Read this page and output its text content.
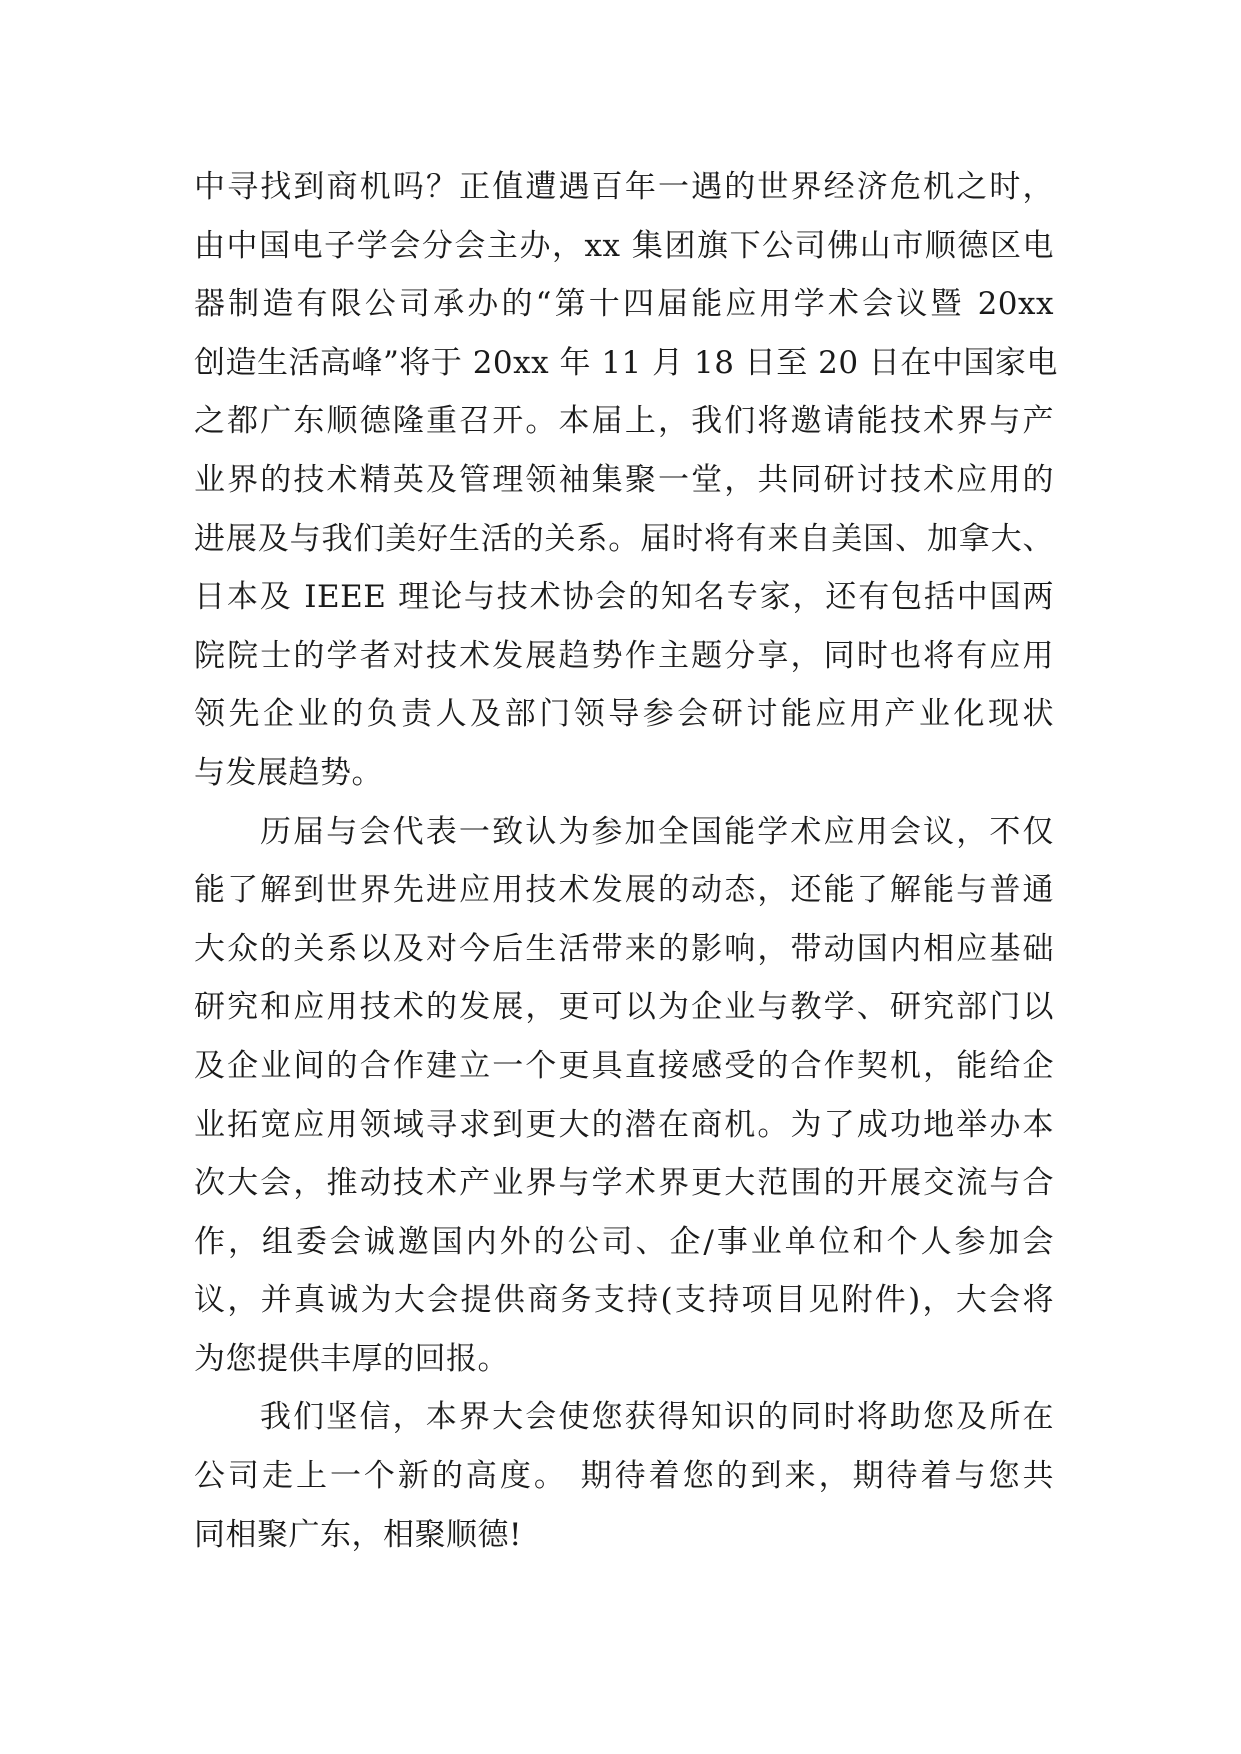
中寻找到商机吗？正值遭遇百年一遇的世界经济危机之时，
由中国电子学会分会主办，xx 集团旗下公司佛山市顺德区电
器制造有限公司承办的“第十四届能应用学术会议暨 20xx
创造生活高峰”将于 20xx 年 11 月 18 日至 20 日在中国家电
之都广东顺德隆重召开。本届上，我们将邀请能技术界与产
业界的技术精英及管理领袖集聚一堂，共同研讨技术应用的
进展及与我们美好生活的关系。届时将有来自美国、加拿大、
日本及 IEEE 理论与技术协会的知名专家，还有包括中国两
院院士的学者对技术发展趋势作主题分享，同时也将有应用
领先企业的负责人及部门领导参会研讨能应用产业化现状
与发展趋势。
历届与会代表一致认为参加全国能学术应用会议，不仅
能了解到世界先进应用技术发展的动态，还能了解能与普通
大众的关系以及对今后生活带来的影响，带动国内相应基础
研究和应用技术的发展，更可以为企业与教学、研究部门以
及企业间的合作建立一个更具直接感受的合作契机，能给企
业拓宽应用领域寻求到更大的潜在商机。为了成功地举办本
次大会，推动技术产业界与学术界更大范围的开展交流与合
作，组委会诚邀国内外的公司、企/事业单位和个人参加会
议，并真诚为大会提供商务支持(支持项目见附件)，大会将
为您提供丰厚的回报。
我们坚信，本界大会使您获得知识的同时将助您及所在
公司走上一个新的高度。 期待着您的到来，期待着与您共
同相聚广东，相聚顺德!
